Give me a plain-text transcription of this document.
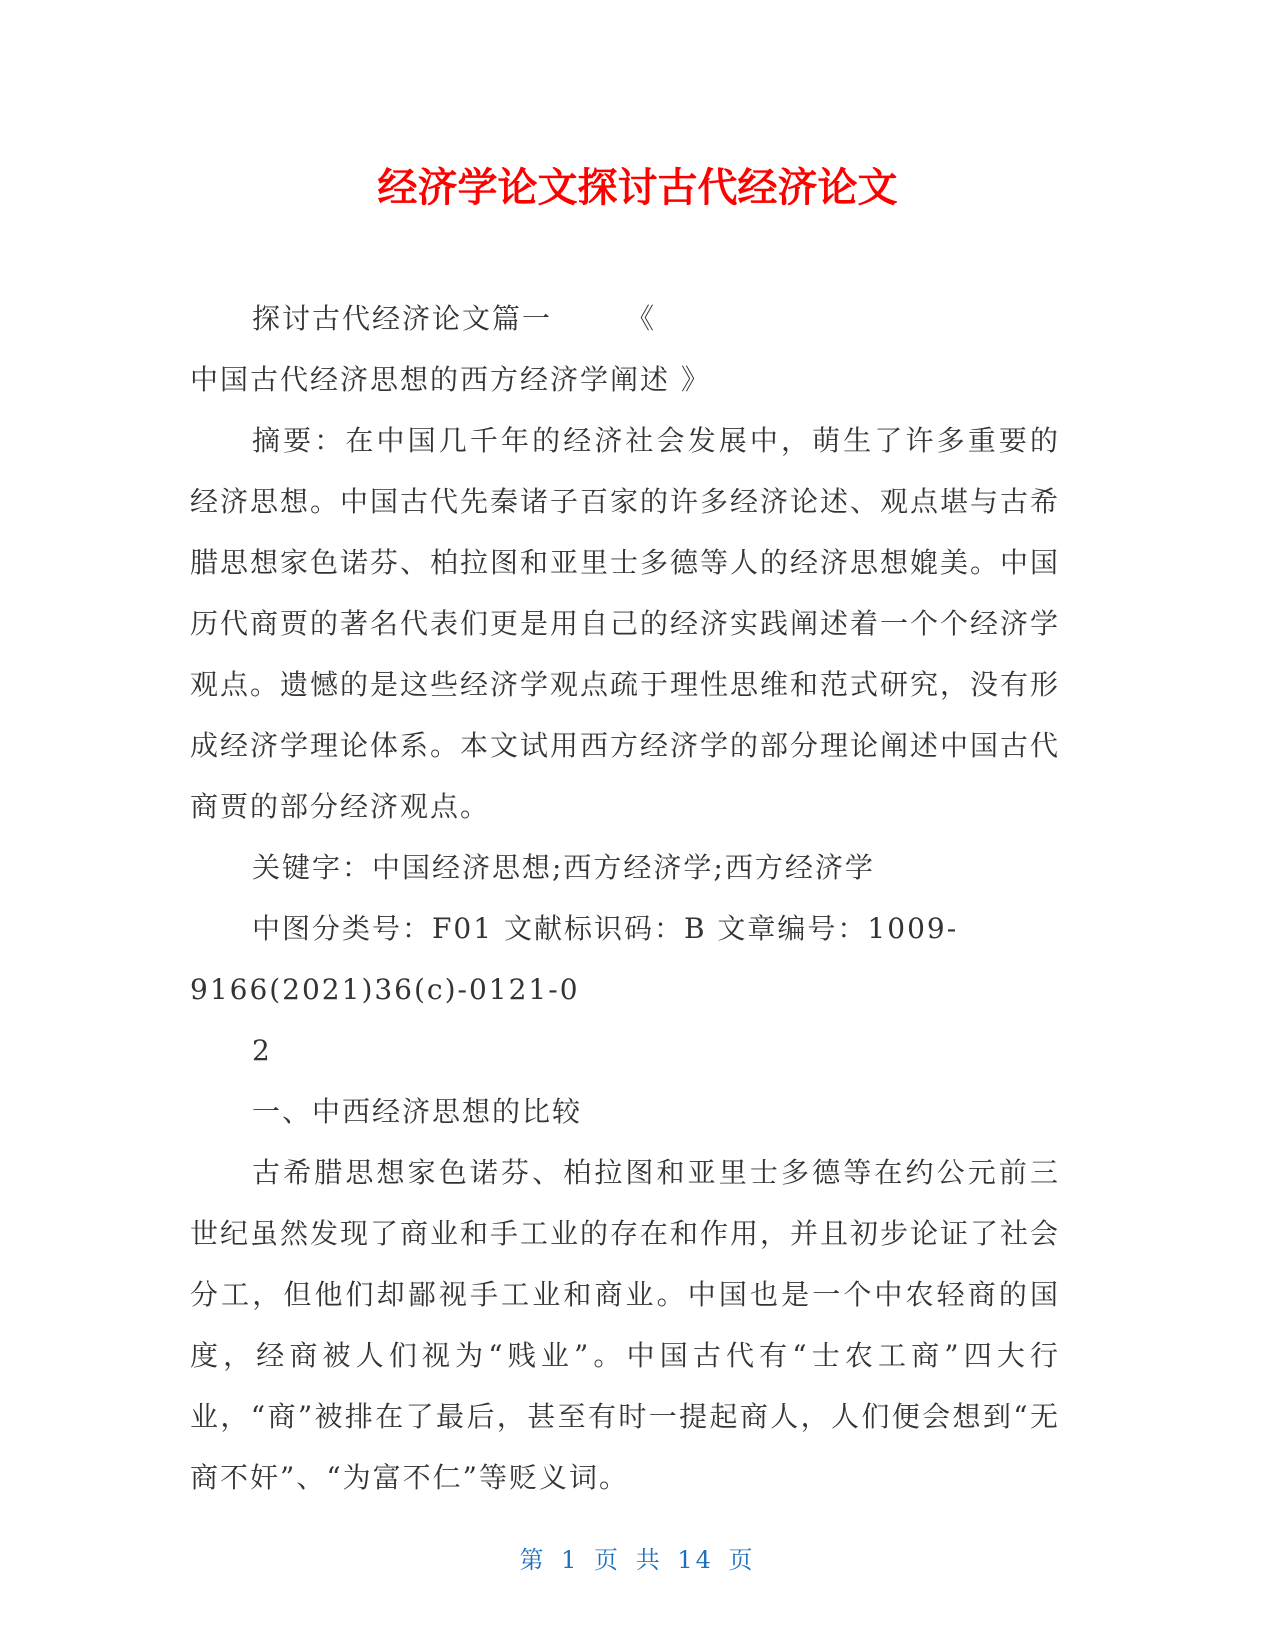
经济学论文探讨古代经济论文

探讨古代经济论文篇一	《

中国古代经济思想的西方经济学阐述 》

摘要：在中国几千年的经济社会发展中，萌生了许多重要的经济思想。中国古代先秦诸子百家的许多经济论述、观点堪与古希腊思想家色诺芬、柏拉图和亚里士多德等人的经济思想媲美。中国历代商贾的著名代表们更是用自己的经济实践阐述着一个个经济学观点。遗憾的是这些经济学观点疏于理性思维和范式研究，没有形成经济学理论体系。本文试用西方经济学的部分理论阐述中国古代商贾的部分经济观点。

关键字：中国经济思想;西方经济学;西方经济学

中图分类号：F01 文献标识码：B 文章编号：1009-

9166(2021)36(c)-0121-0

2

一、中西经济思想的比较

古希腊思想家色诺芬、柏拉图和亚里士多德等在约公元前三世纪虽然发现了商业和手工业的存在和作用，并且初步论证了社会分工，但他们却鄙视手工业和商业。中国也是一个中农轻商的国度，经商被人们视为“贱业”。中国古代有“士农工商”四大行业，“商”被排在了最后，甚至有时一提起商人，人们便会想到“无商不奸”、“为富不仁”等贬义词。

第 1 页 共 14 页
